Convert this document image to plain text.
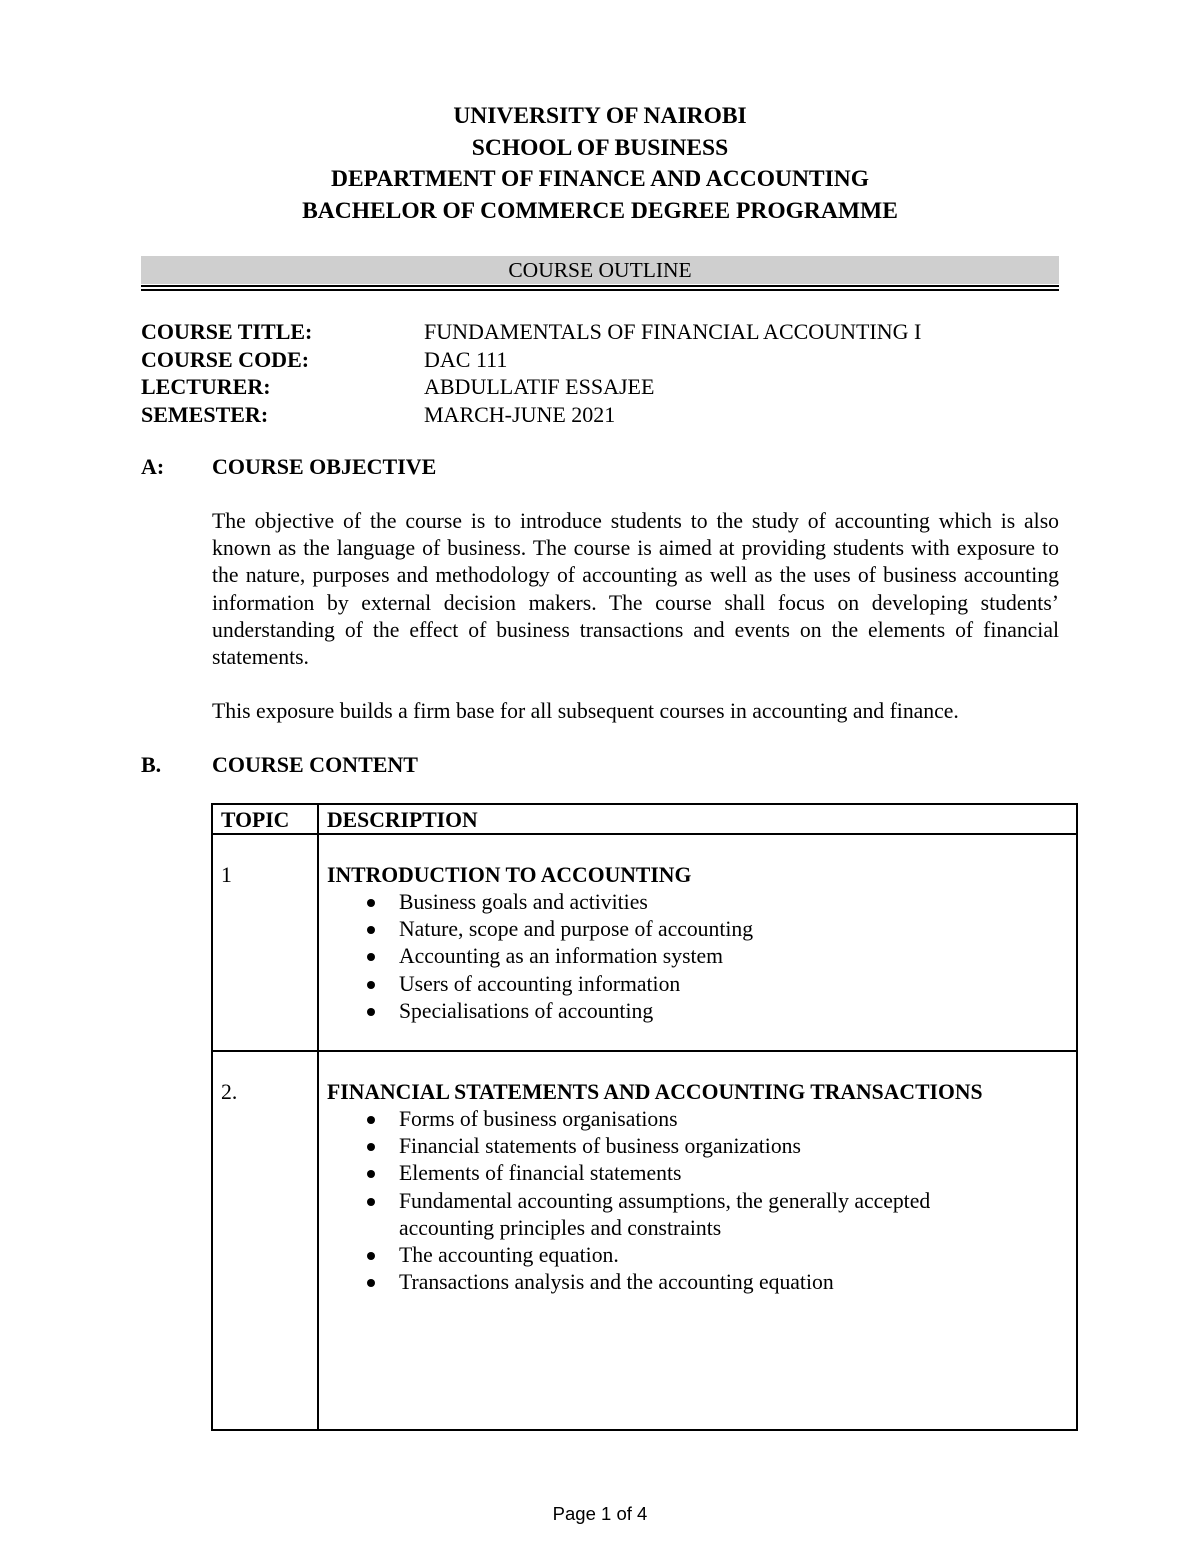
UNIVERSITY OF NAIROBI
SCHOOL OF BUSINESS
DEPARTMENT OF FINANCE AND ACCOUNTING
BACHELOR OF COMMERCE DEGREE PROGRAMME
COURSE OUTLINE
COURSE TITLE:	FUNDAMENTALS OF FINANCIAL ACCOUNTING I
COURSE CODE:	DAC 111
LECTURER:	ABDULLATIF ESSAJEE
SEMESTER:	MARCH-JUNE 2021
A: COURSE OBJECTIVE

The objective of the course is to introduce students to the study of accounting which is also known as the language of business. The course is aimed at providing students with exposure to the nature, purposes and methodology of accounting as well as the uses of business accounting information by external decision makers. The course shall focus on developing students’ understanding of the effect of business transactions and events on the elements of financial statements.

This exposure builds a firm base for all subsequent courses in accounting and finance.

B. COURSE CONTENT
TOPIC DESCRIPTION
1	INTRODUCTION TO ACCOUNTING
Business goals and activities
Nature, scope and purpose of accounting
Accounting as an information system
Users of accounting information
Specialisations of accounting
2.	FINANCIAL STATEMENTS AND ACCOUNTING TRANSACTIONS
Forms of business organisations
Financial statements of business organizations
Elements of financial statements
Fundamental accounting assumptions, the generally accepted accounting principles and constraints
The accounting equation.
Transactions analysis and the accounting equation
Page 1 of 4
